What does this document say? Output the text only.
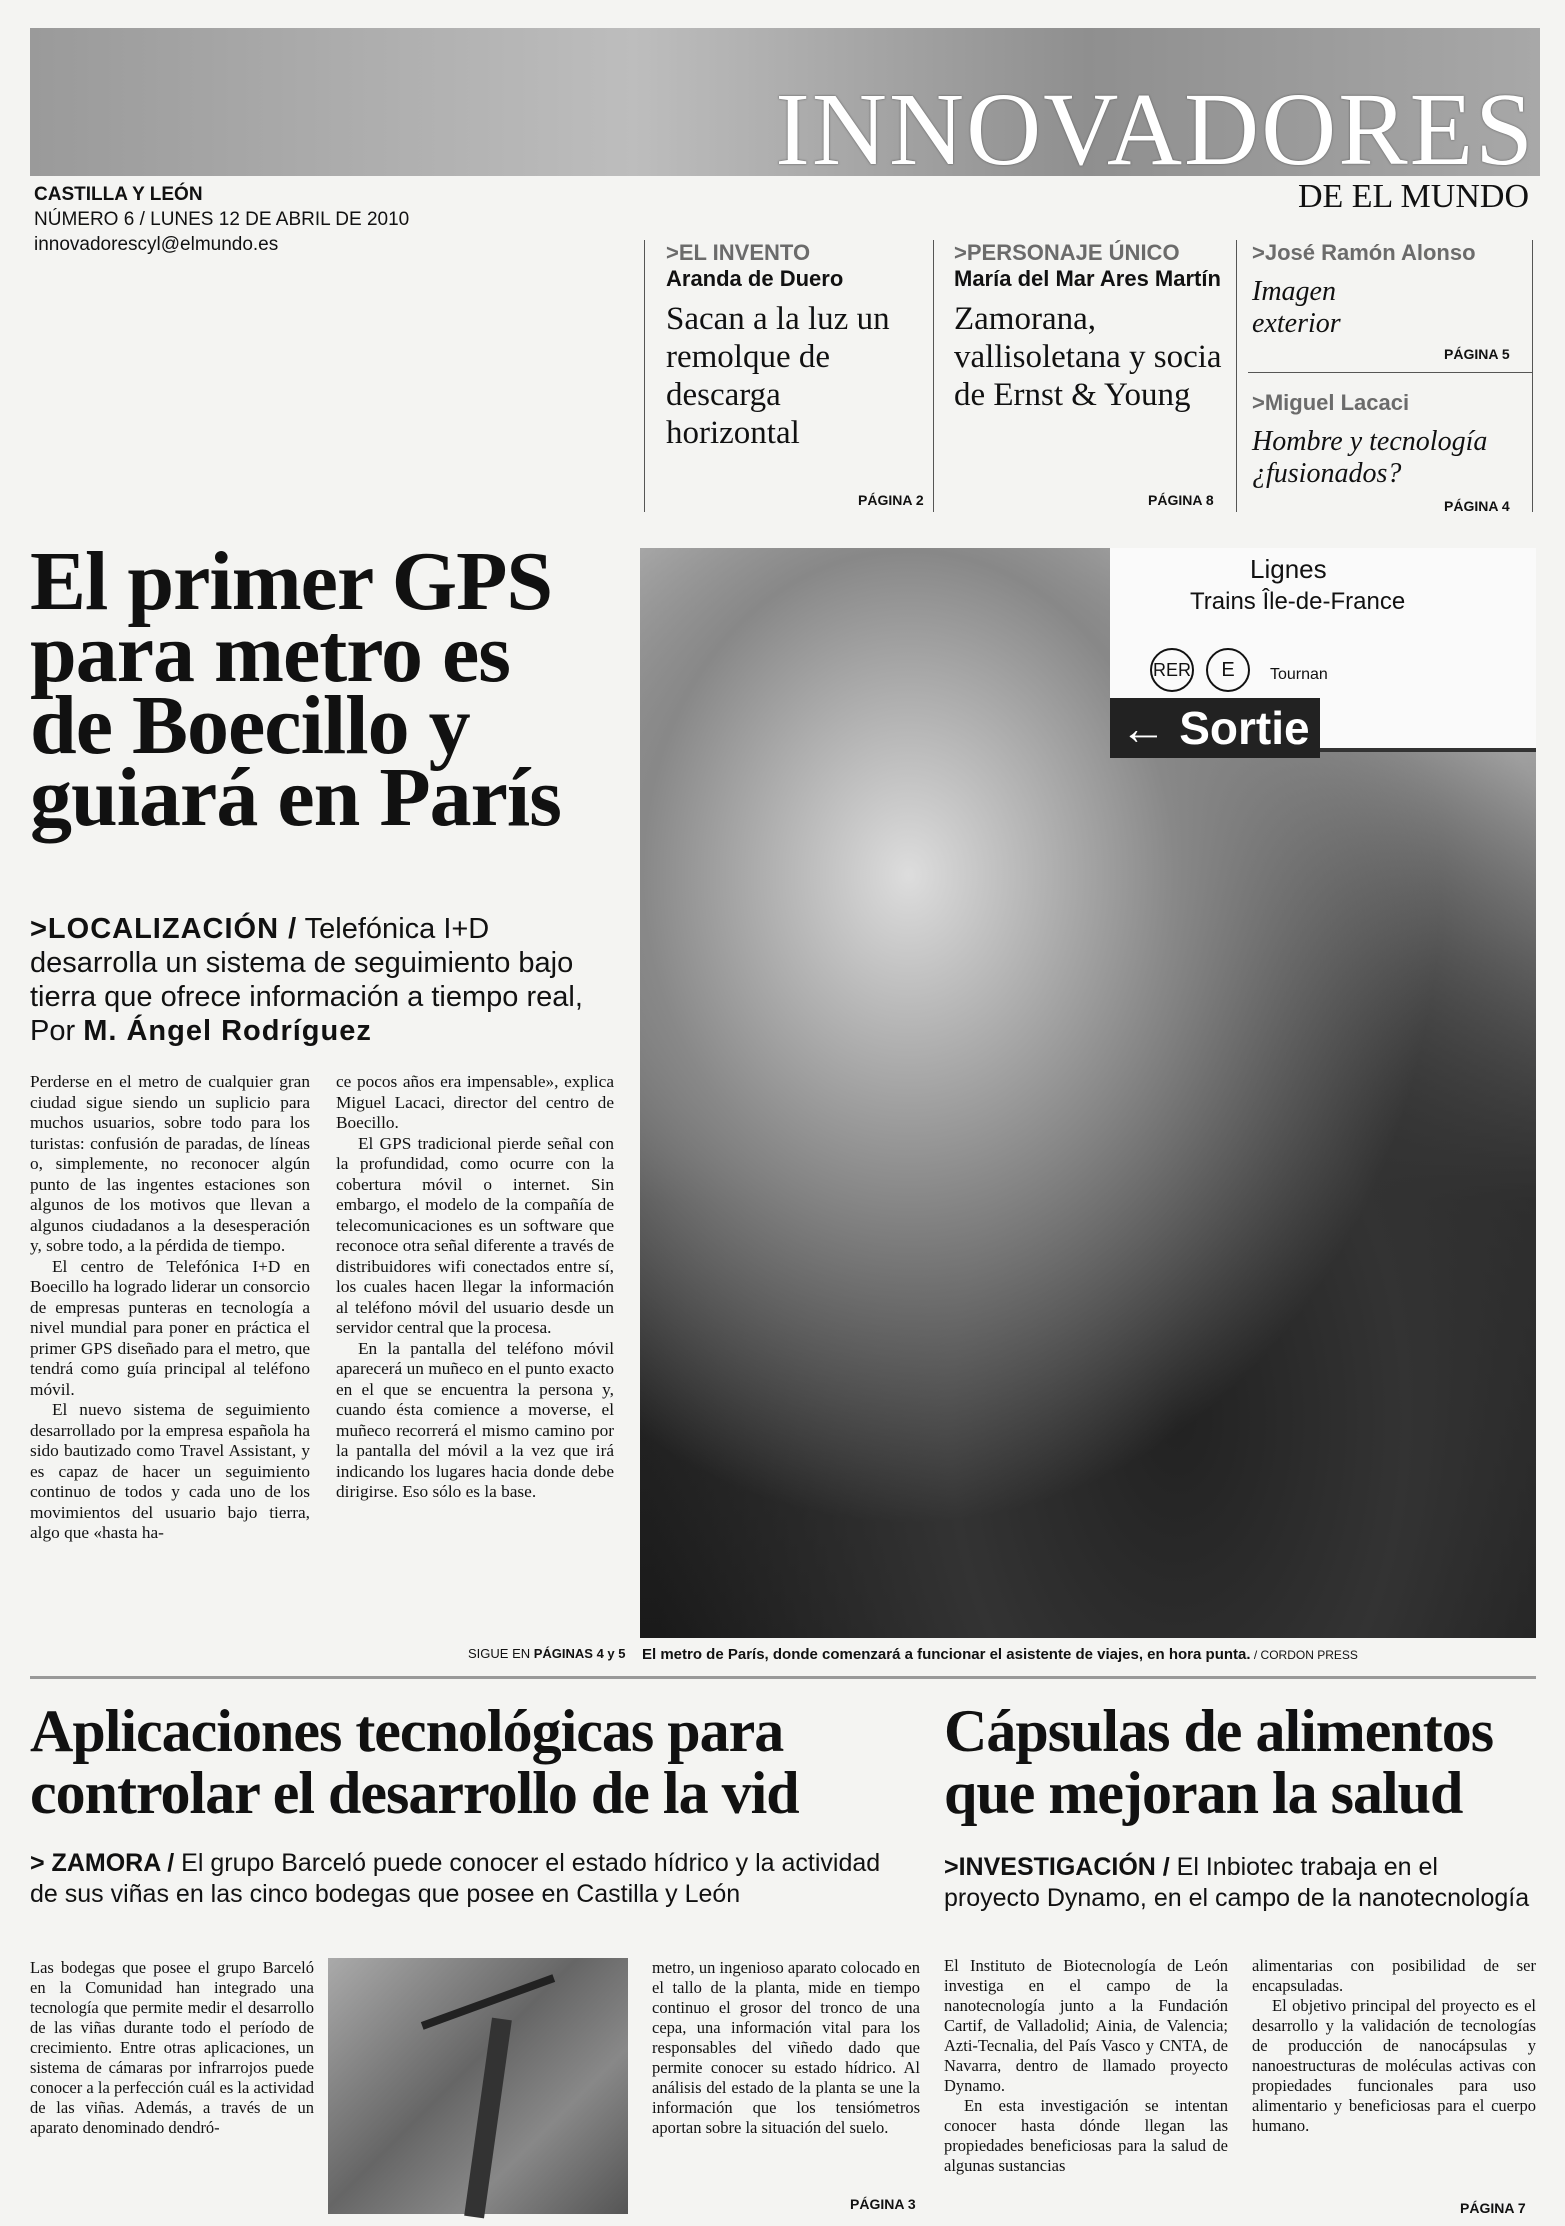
INNOVADORES
DE EL MUNDO
CASTILLA Y LEÓN
NÚMERO 6 / LUNES 12 DE ABRIL DE 2010
innovadorescyl@elmundo.es	>EL INVENTO
Aranda de Duero
Sacan a la luz un remolque de descarga horizontal
PÁGINA 2
>PERSONAJE ÚNICO
María del Mar Ares Martín
Zamorana, vallisoletana y socia de Ernst & Young
PÁGINA 8
>José Ramón Alonso
Imagen exterior
PÁGINA 5
>Miguel Lacaci
Hombre y tecnología ¿fusionados?
PÁGINA 4
El primer GPS
para metro es
de Boecillo y
guiará en París
>LOCALIZACIÓN / Telefónica I+D desarrolla un sistema de seguimiento bajo tierra que ofrece información a tiempo real, Por M. Ángel Rodríguez

Perderse en el metro de cualquier gran ciudad sigue siendo un suplicio para muchos usuarios, sobre todo para los turistas: confusión de paradas, de líneas o, simplemente, no reconocer algún punto de las ingentes estaciones son algunos de los motivos que llevan a algunos ciudadanos a la desesperación y, sobre todo, a la pérdida de tiempo.

El centro de Telefónica I+D en Boecillo ha logrado liderar un consorcio de empresas punteras en tecnología a nivel mundial para poner en práctica el primer GPS diseñado para el metro, que tendrá como guía principal al teléfono móvil.

El nuevo sistema de seguimiento desarrollado por la empresa española ha sido bautizado como Travel Assistant, y es capaz de hacer un seguimiento continuo de todos y cada uno de los movimientos del usuario bajo tierra, algo que «hasta ha-

ce pocos años era impensable», explica Miguel Lacaci, director del centro de Boecillo.

El GPS tradicional pierde señal con la profundidad, como ocurre con la cobertura móvil o internet. Sin embargo, el modelo de la compañía de telecomunicaciones es un software que reconoce otra señal diferente a través de distribuidores wifi conectados entre sí, los cuales hacen llegar la información al teléfono móvil del usuario desde un servidor central que la procesa.

En la pantalla del teléfono móvil aparecerá un muñeco en el punto exacto en el que se encuentra la persona y, cuando ésta comience a moverse, el muñeco recorrerá el mismo camino por la pantalla del móvil a la vez que irá indicando los lugares hacia donde debe dirigirse. Eso sólo es la base.

SIGUE EN PÁGINAS 4 y 5
Lignes
Trains Île-de-France
RER	E	Tournan
← Sortie
El metro de París, donde comenzará a funcionar el asistente de viajes, en hora punta. / CORDON PRESS
Aplicaciones tecnológicas para
controlar el desarrollo de la vid
> ZAMORA / El grupo Barceló puede conocer el estado hídrico y la actividad de sus viñas en las cinco bodegas que posee en Castilla y León

Las bodegas que posee el grupo Barceló en la Comunidad han integrado una tecnología que permite medir el desarrollo de las viñas durante todo el período de crecimiento. Entre otras aplicaciones, un sistema de cámaras por infrarrojos puede conocer a la perfección cuál es la actividad de las viñas. Además, a través de un aparato denominado dendró-

metro, un ingenioso aparato colocado en el tallo de la planta, mide en tiempo continuo el grosor del tronco de una cepa, una información vital para los responsables del viñedo dado que permite conocer su estado hídrico. Al análisis del estado de la planta se une la información que los tensiómetros aportan sobre la situación del suelo.

PÁGINA 3
Cápsulas de alimentos
que mejoran la salud
>INVESTIGACIÓN / El Inbiotec trabaja en el proyecto Dynamo, en el campo de la nanotecnología

El Instituto de Biotecnología de León investiga en el campo de la nanotecnología junto a la Fundación Cartif, de Valladolid; Ainia, de Valencia; Azti-Tecnalia, del País Vasco y CNTA, de Navarra, dentro de llamado proyecto Dynamo.

En esta investigación se intentan conocer hasta dónde llegan las propiedades beneficiosas para la salud de algunas sustancias

alimentarias con posibilidad de ser encapsuladas.

El objetivo principal del proyecto es el desarrollo y la validación de tecnologías de producción de nanocápsulas y nanoestructuras de moléculas activas con propiedades funcionales para uso alimentario y beneficiosas para el cuerpo humano.

PÁGINA 7
